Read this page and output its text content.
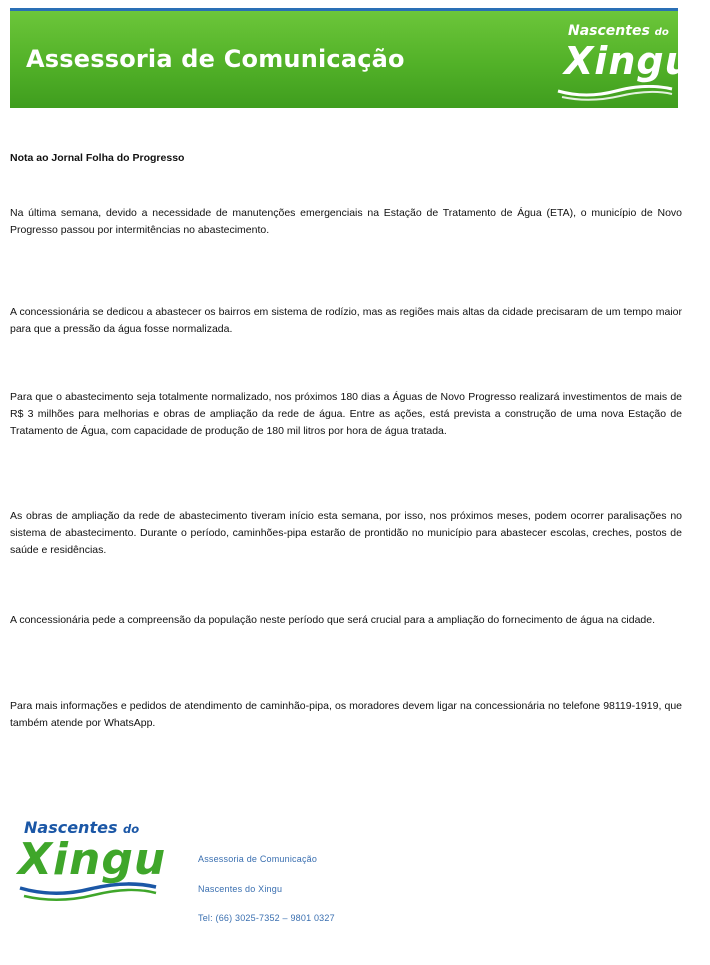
Assessoria de Comunicação
Nascentes do
Xingu
Nota ao Jornal Folha do Progresso

Na última semana, devido a necessidade de manutenções emergenciais na Estação de Tratamento de Água (ETA), o município de Novo Progresso passou por intermitências no abastecimento.

A concessionária se dedicou a abastecer os bairros em sistema de rodízio, mas as regiões mais altas da cidade precisaram de um tempo maior para que a pressão da água fosse normalizada.

Para que o abastecimento seja totalmente normalizado, nos próximos 180 dias a Águas de Novo Progresso realizará investimentos de mais de R$ 3 milhões para melhorias e obras de ampliação da rede de água. Entre as ações, está prevista a construção de uma nova Estação de Tratamento de Água, com capacidade de produção de 180 mil litros por hora de água tratada.

As obras de ampliação da rede de abastecimento tiveram início esta semana, por isso, nos próximos meses, podem ocorrer paralisações no sistema de abastecimento. Durante o período, caminhões-pipa estarão de prontidão no município para abastecer escolas, creches, postos de saúde e residências.

A concessionária pede a compreensão da população neste período que será crucial para a ampliação do fornecimento de água na cidade.

Para mais informações e pedidos de atendimento de caminhão-pipa, os moradores devem ligar na concessionária no telefone 98119-1919, que também atende por WhatsApp.

Nascentes do
Xingu	Assessoria de Comunicação
Nascentes do Xingu
Tel: (66) 3025-7352 – 9801 0327
